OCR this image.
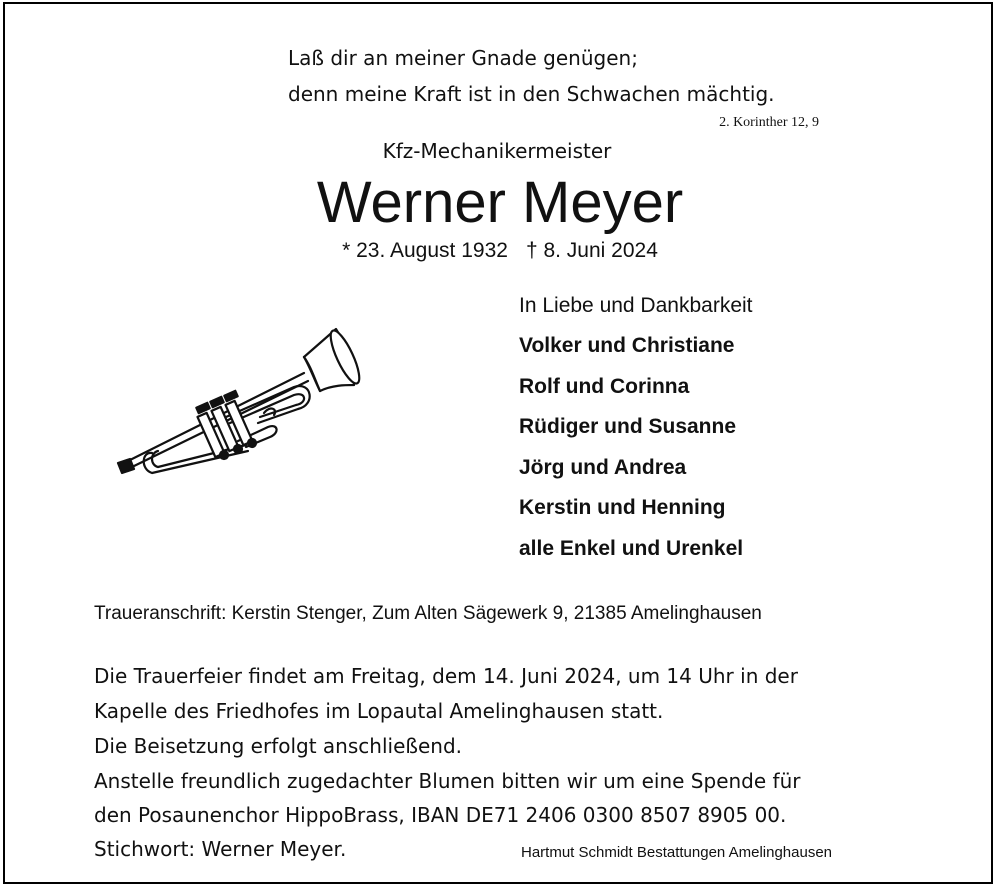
Laß dir an meiner Gnade genügen;
denn meine Kraft ist in den Schwachen mächtig.
2. Korinther 12, 9
Kfz-Mechanikermeister
Werner Meyer
* 23. August 1932 † 8. Juni 2024
In Liebe und Dankbarkeit
Volker und Christiane
Rolf und Corinna
Rüdiger und Susanne
Jörg und Andrea
Kerstin und Henning
alle Enkel und Urenkel
Traueranschrift: Kerstin Stenger, Zum Alten Sägewerk 9, 21385 Amelinghausen
Die Trauerfeier findet am Freitag, dem 14. Juni 2024, um 14 Uhr in der
Kapelle des Friedhofes im Lopautal Amelinghausen statt.
Die Beisetzung erfolgt anschließend.
Anstelle freundlich zugedachter Blumen bitten wir um eine Spende für
den Posaunenchor HippoBrass, IBAN DE71 2406 0300 8507 8905 00.
Stichwort: Werner Meyer.	Hartmut Schmidt Bestattungen Amelinghausen
